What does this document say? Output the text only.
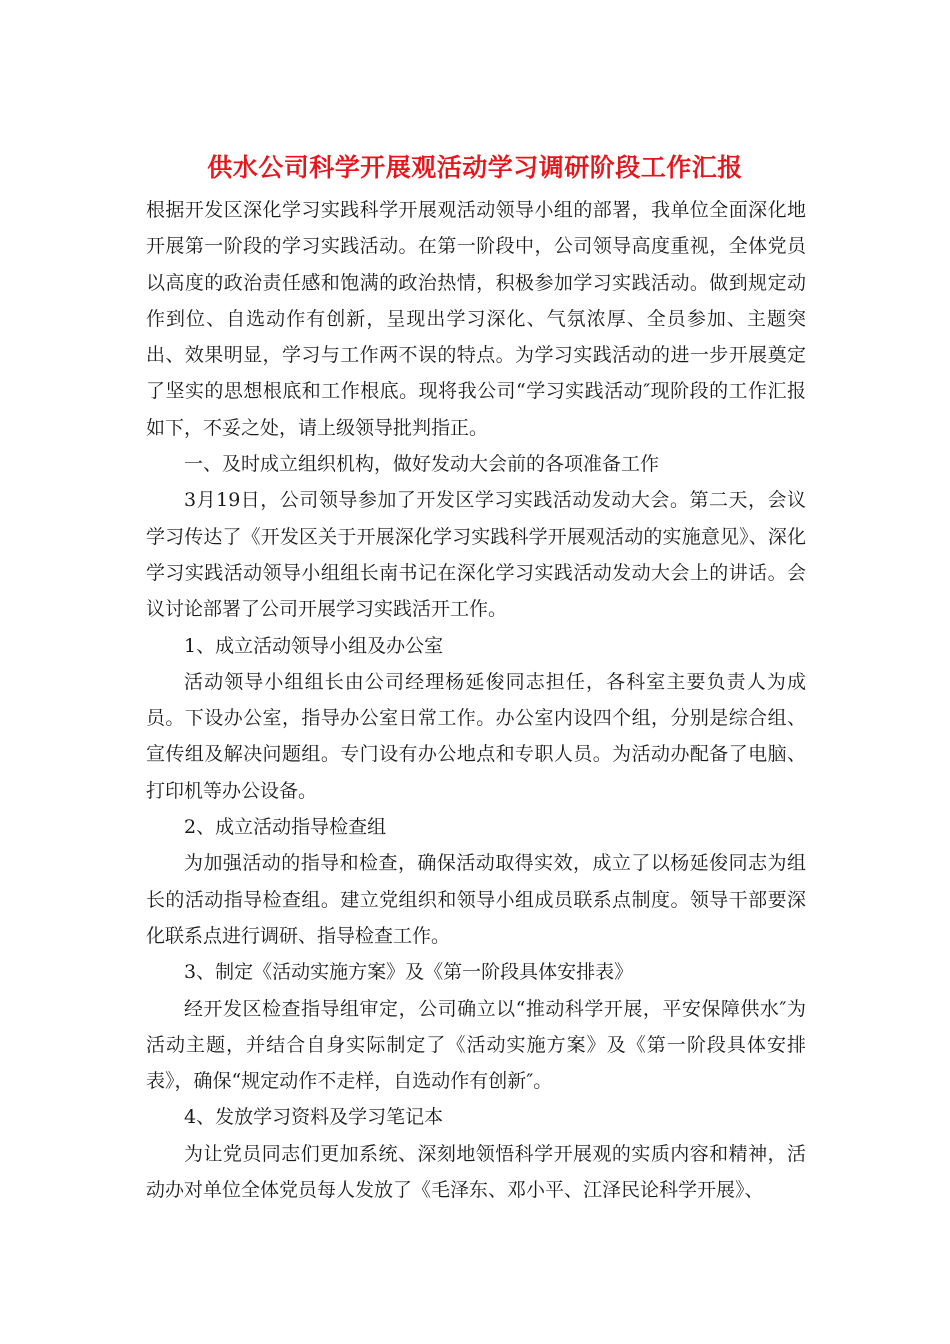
供水公司科学开展观活动学习调研阶段工作汇报

根据开发区深化学习实践科学开展观活动领导小组的部署，我单位全面深化地开展第一阶段的学习实践活动。在第一阶段中，公司领导高度重视，全体党员以高度的政治责任感和饱满的政治热情，积极参加学习实践活动。做到规定动作到位、自选动作有创新，呈现出学习深化、气氛浓厚、全员参加、主题突出、效果明显，学习与工作两不误的特点。为学习实践活动的进一步开展奠定了坚实的思想根底和工作根底。现将我公司“学习实践活动″现阶段的工作汇报如下，不妥之处，请上级领导批判指正。

一、及时成立组织机构，做好发动大会前的各项准备工作

3月19日，公司领导参加了开发区学习实践活动发动大会。第二天，会议学习传达了《开发区关于开展深化学习实践科学开展观活动的实施意见》、深化学习实践活动领导小组组长南书记在深化学习实践活动发动大会上的讲话。会议讨论部署了公司开展学习实践活开工作。

1、成立活动领导小组及办公室

活动领导小组组长由公司经理杨延俊同志担任，各科室主要负责人为成员。下设办公室，指导办公室日常工作。办公室内设四个组，分别是综合组、宣传组及解决问题组。专门设有办公地点和专职人员。为活动办配备了电脑、打印机等办公设备。

2、成立活动指导检查组

为加强活动的指导和检查，确保活动取得实效，成立了以杨延俊同志为组长的活动指导检查组。建立党组织和领导小组成员联系点制度。领导干部要深化联系点进行调研、指导检查工作。

3、制定《活动实施方案》及《第一阶段具体安排表》

经开发区检查指导组审定，公司确立以“推动科学开展，平安保障供水″为活动主题，并结合自身实际制定了《活动实施方案》及《第一阶段具体安排表》，确保“规定动作不走样，自选动作有创新″。

4、发放学习资料及学习笔记本

为让党员同志们更加系统、深刻地领悟科学开展观的实质内容和精神，活动办对单位全体党员每人发放了《毛泽东、邓小平、江泽民论科学开展》、
